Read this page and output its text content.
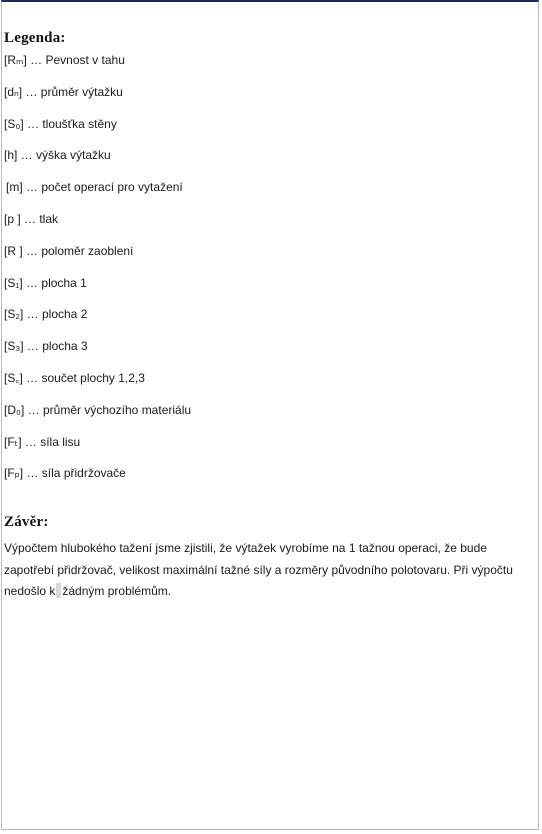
Legenda:
[Rₘ] … Pevnost v tahu
[dₙ] … průměr výtažku
[S₀] … tloušťka stěny
[h] … výška výtažku
[m] … počet operací pro vytažení
[p ] … tlak
[R ] … poloměr zaoblení
[S₁] … plocha 1
[S₂] … plocha 2
[S₃] … plocha 3
[S꜀] … součet plochy 1,2,3
[D₀] … průměr výchozího materiálu
[Fₜ] … síla lisu
[Fₚ] … síla přidržovače
Závěr:

Výpočtem hlubokého tažení jsme zjistili, že výtažek vyrobíme na 1 tažnou operaci, že bude zapotřebí přidržovač, velikost maximální tažné síly a rozměry původního polotovaru. Při výpočtu nedošlo k žádným problémům.
